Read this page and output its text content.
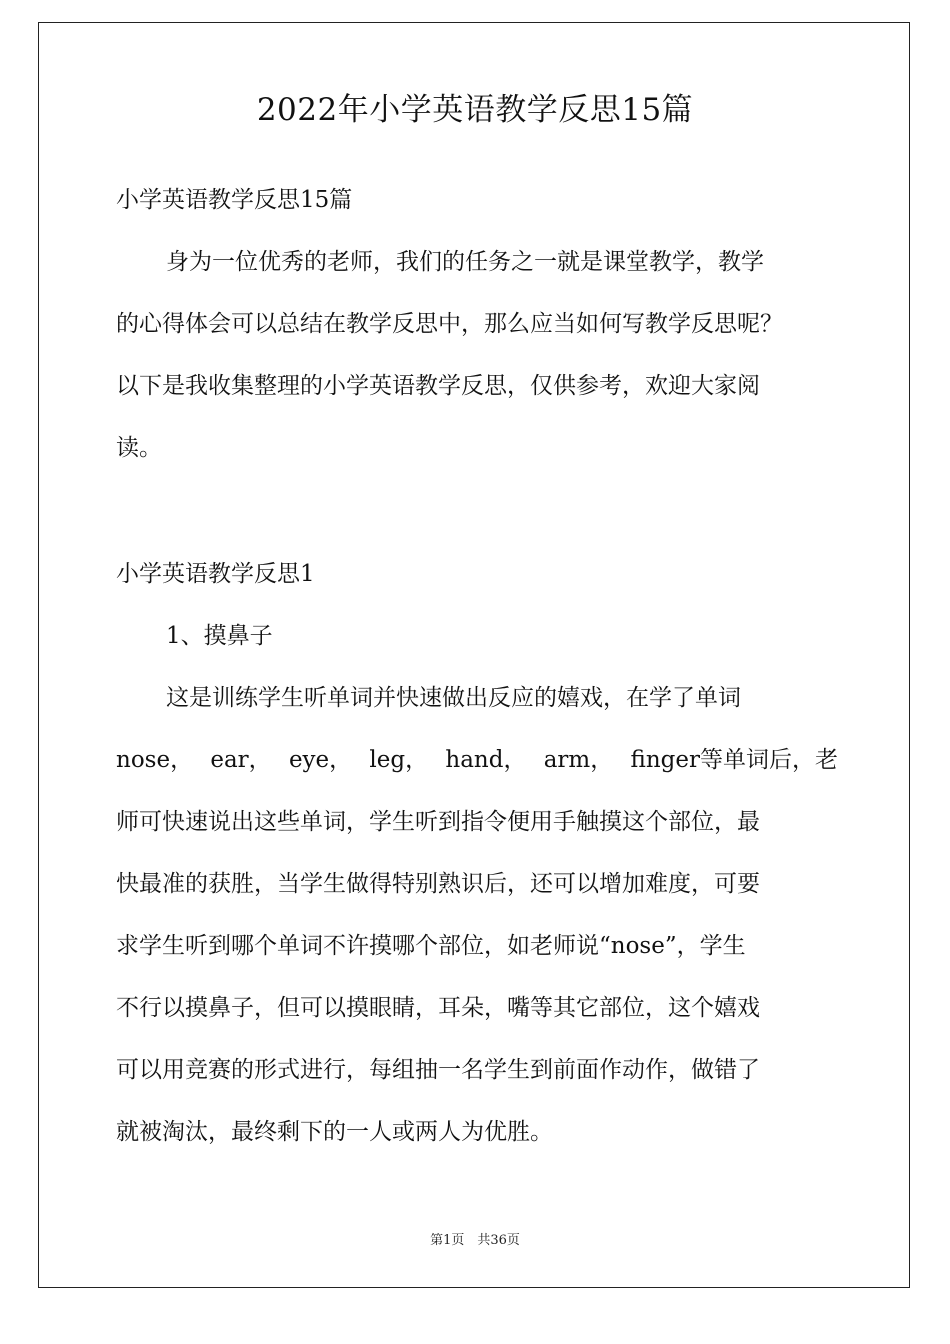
2022年小学英语教学反思15篇
小学英语教学反思15篇
身为一位优秀的老师，我们的任务之一就是课堂教学，教学
的心得体会可以总结在教学反思中，那么应当如何写教学反思呢？
以下是我收集整理的小学英语教学反思，仅供参考，欢迎大家阅
读。
小学英语教学反思1
1、摸鼻子
这是训练学生听单词并快速做出反应的嬉戏，在学了单词
nose， ear， eye， leg， hand， arm， finger等单词后，老
师可快速说出这些单词，学生听到指令便用手触摸这个部位，最
快最准的获胜，当学生做得特别熟识后，还可以增加难度，可要
求学生听到哪个单词不许摸哪个部位，如老师说“nose”，学生
不行以摸鼻子，但可以摸眼睛，耳朵，嘴等其它部位，这个嬉戏
可以用竞赛的形式进行，每组抽一名学生到前面作动作，做错了
就被淘汰，最终剩下的一人或两人为优胜。
第1页　共36页
